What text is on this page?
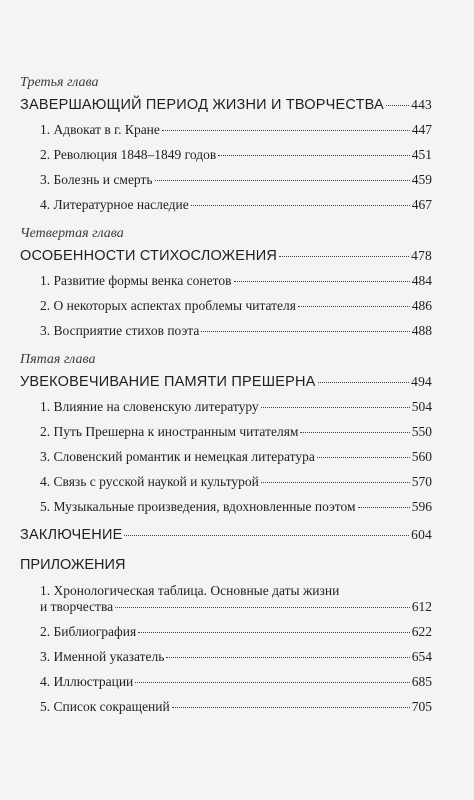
Третья глава
ЗАВЕРШАЮЩИЙ ПЕРИОД ЖИЗНИ И ТВОРЧЕСТВА 443
1. Адвокат в г. Кране	447
2. Революция 1848–1849 годов	451
3. Болезнь и смерть	459
4. Литературное наследие	467
Четвертая глава
ОСОБЕННОСТИ СТИХОСЛОЖЕНИЯ	478
1. Развитие формы венка сонетов	484
2. О некоторых аспектах проблемы читателя	486
3. Восприятие стихов поэта	488
Пятая глава
УВЕКОВЕЧИВАНИЕ ПАМЯТИ ПРЕШЕРНА	494
1. Влияние на словенскую литературу	504
2. Путь Прешерна к иностранным читателям	550
3. Словенский романтик и немецкая литература	560
4. Связь с русской наукой и культурой	570
5. Музыкальные произведения, вдохновленные поэтом	596
ЗАКЛЮЧЕНИЕ	604
ПРИЛОЖЕНИЯ
1. Хронологическая таблица. Основные даты жизни
и творчества	612
2. Библиография	622
3. Именной указатель	654
4. Иллюстрации	685
5. Список сокращений	705
